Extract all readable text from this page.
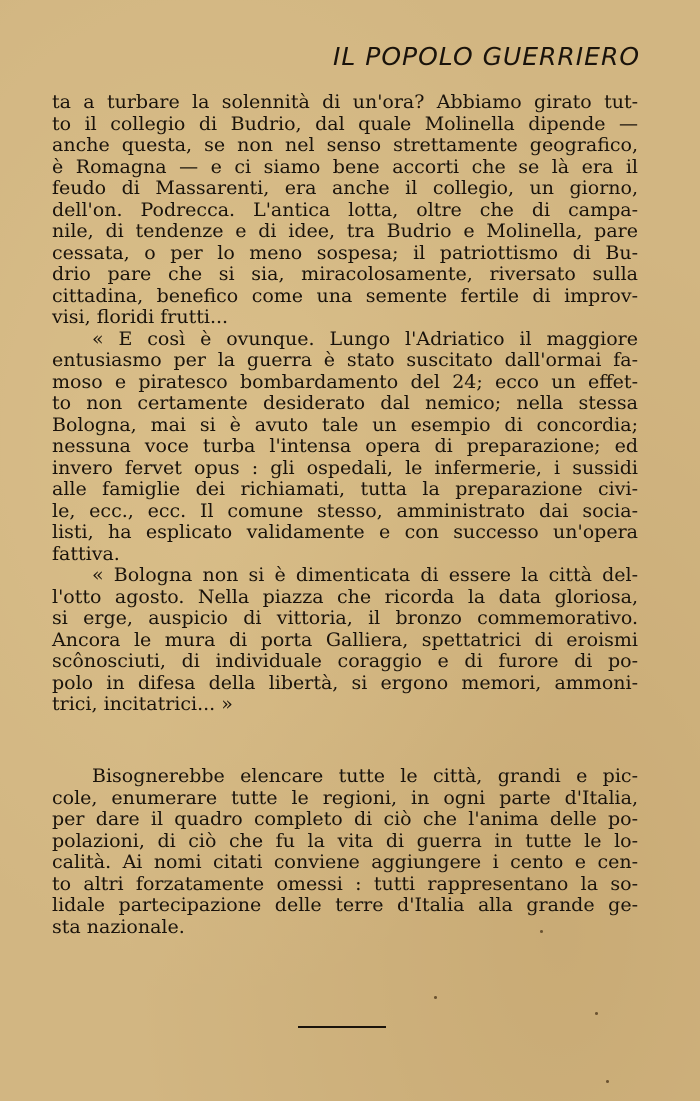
IL POPOLO GUERRIERO
ta a turbare la solennità di un'ora? Abbiamo girato tut-
to il collegio di Budrio, dal quale Molinella dipende —
anche questa, se non nel senso strettamente geografico,
è Romagna — e ci siamo bene accorti che se là era il
feudo di Massarenti, era anche il collegio, un giorno,
dell'on. Podrecca. L'antica lotta, oltre che di campa-
nile, di tendenze e di idee, tra Budrio e Molinella, pare
cessata, o per lo meno sospesa; il patriottismo di Bu-
drio pare che si sia, miracolosamente, riversato sulla
cittadina, benefico come una semente fertile di improv-
visi, floridi frutti...
« E così è ovunque. Lungo l'Adriatico il maggiore
entusiasmo per la guerra è stato suscitato dall'ormai fa-
moso e piratesco bombardamento del 24; ecco un effet-
to non certamente desiderato dal nemico; nella stessa
Bologna, mai si è avuto tale un esempio di concordia;
nessuna voce turba l'intensa opera di preparazione; ed
invero fervet opus : gli ospedali, le infermerie, i sussidi
alle famiglie dei richiamati, tutta la preparazione civi-
le, ecc., ecc. Il comune stesso, amministrato dai socia-
listi, ha esplicato validamente e con successo un'opera
fattiva.
« Bologna non si è dimenticata di essere la città del-
l'otto agosto. Nella piazza che ricorda la data gloriosa,
si erge, auspicio di vittoria, il bronzo commemorativo.
Ancora le mura di porta Galliera, spettatrici di eroismi
scônosciuti, di individuale coraggio e di furore di po-
polo in difesa della libertà, si ergono memori, ammoni-
trici, incitatrici... »
Bisognerebbe elencare tutte le città, grandi e pic-
cole, enumerare tutte le regioni, in ogni parte d'Italia,
per dare il quadro completo di ciò che l'anima delle po-
polazioni, di ciò che fu la vita di guerra in tutte le lo-
calità. Ai nomi citati conviene aggiungere i cento e cen-
to altri forzatamente omessi : tutti rappresentano la so-
lidale partecipazione delle terre d'Italia alla grande ge-
sta nazionale.
